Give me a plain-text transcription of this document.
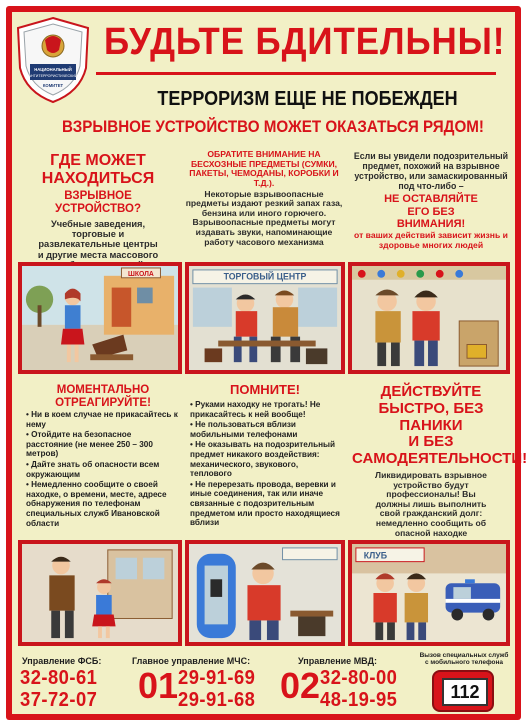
НАЦИОНАЛЬНЫЙ
АНТИТЕРРОРИСТИЧЕСКИЙ
КОМИТЕТ
БУДЬТЕ БДИТЕЛЬНЫ!
ТЕРРОРИЗМ ЕЩЕ НЕ ПОБЕЖДЕН
ВЗРЫВНОЕ УСТРОЙСТВО МОЖЕТ ОКАЗАТЬСЯ РЯДОМ!
ГДЕ МОЖЕТ
НАХОДИТЬСЯ
ВЗРЫВНОЕ УСТРОЙСТВО?
Учебные заведения, торговые и развлекательные центры и другие места массового
ОБРАТИТЕ ВНИМАНИЕ НА БЕСХОЗНЫЕ ПРЕДМЕТЫ (СУМКИ, ПАКЕТЫ, ЧЕМОДАНЫ, КОРОБКИ И Т.Д.).
Некоторые взрывоопасные предметы издают резкий запах газа, бензина или иного горючего. Взрывоопасные предметы могут издавать звуки, напоминающие работу часового механизма
Если вы увидели подозрительный предмет, похожий на взрывное устройство, или замаскированный под что-либо –
НЕ ОСТАВЛЯЙТЕ ЕГО БЕЗ ВНИМАНИЯ!
от ваших действий зависит жизнь и здоровье многих людей
ШКОЛА	ТОРГОВЫЙ ЦЕНТР
МОМЕНТАЛЬНО ОТРЕАГИРУЙТЕ!
• Ни в коем случае не прикасайтесь к нему
• Отойдите на безопасное расстояние (не менее 250 – 300 метров)
• Дайте знать об опасности всем окружающим
• Немедленно сообщите о своей находке, о времени, месте, адресе обнаружения по телефонам специальных служб Ивановской области
ПОМНИТЕ!
• Руками находку не трогать! Не прикасайтесь к ней вообще!
• Не пользоваться вблизи мобильными телефонами
• Не оказывать на подозрительный предмет никакого воздействия: механического, звукового, теплового
• Не перерезать провода, веревки и иные соединения, так или иначе связанные с подозрительным предметом или просто находящиеся вблизи
ДЕЙСТВУЙТЕ
БЫСТРО, БЕЗ ПАНИКИ
И БЕЗ
САМОДЕЯТЕЛЬНОСТИ!
Ликвидировать взрывное устройство будут профессионалы! Вы должны лишь выполнить свой гражданский долг: немедленно сообщить об опасной находке
КЛУБ
Управление ФСБ:
32-80-61
37-72-07
Главное управление МЧС:
01 29-91-69
29-91-68
Управление МВД:
02 32-80-00
48-19-95
Вызов специальных служб с мобильного телефона
112
